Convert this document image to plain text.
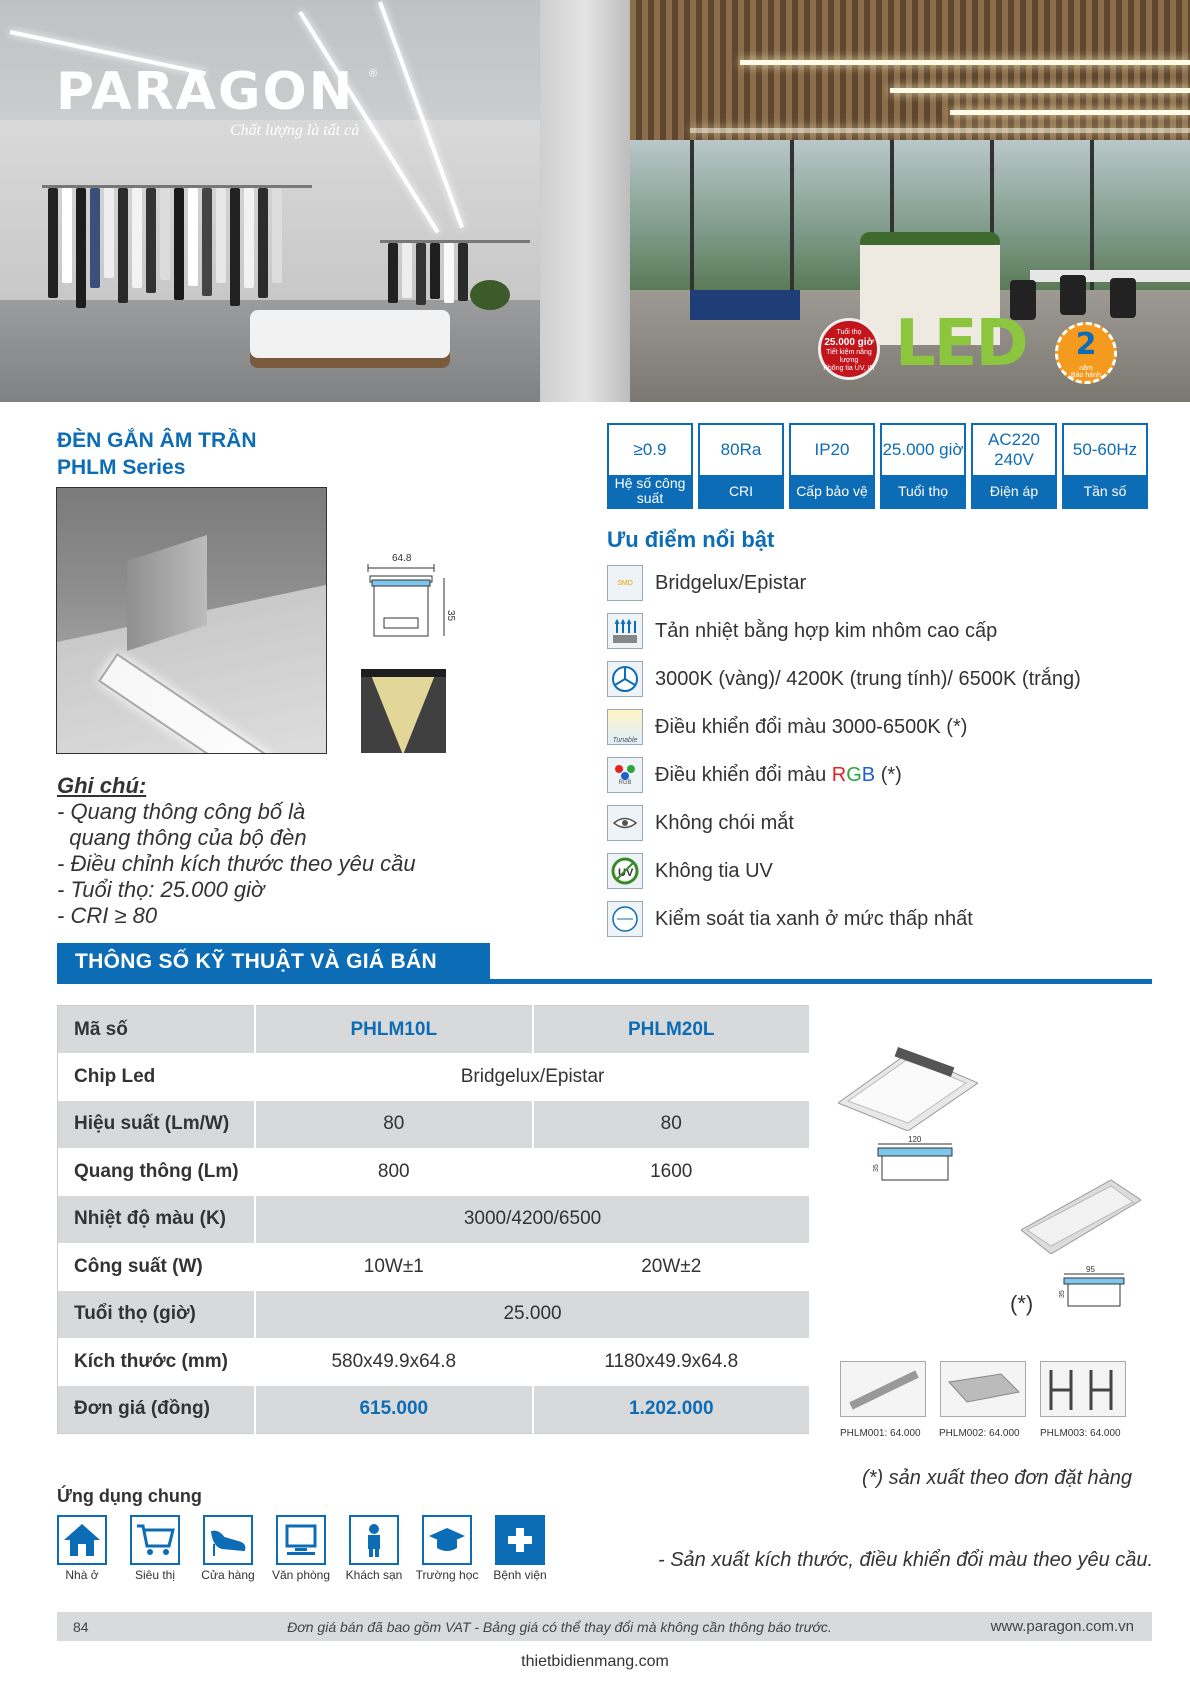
PARAGON	®
Chất lượng là tất cả
Tuổi thọ
25.000 giờ
Tiết kiệm năng lượng
Không tia UV, IR LED	2
năm
Bảo hành
ĐÈN GẮN ÂM TRẦN
PHLM Series
64.8
35
Ghi chú:
- Quang thông công bố là
quang thông của bộ đèn
- Điều chỉnh kích thước theo yêu cầu
- Tuổi thọ: 25.000 giờ
- CRI ≥ 80
≥0.9
Hệ số công suất
80Ra
CRI
IP20
Cấp bảo vệ
25.000 giờ
Tuổi thọ
AC220 240V
Điện áp
50-60Hz
Tần số
Ưu điểm nổi bật
SMD Bridgelux/Epistar
Tản nhiệt bằng hợp kim nhôm cao cấp
3000K (vàng)/ 4200K (trung tính)/ 6500K (trắng)
Tunable
Điều khiển đổi màu 3000-6500K (*)
RGB Điều khiển đổi màu RGB (*)
Không chói mắt
UV Không tia UV
Kiểm soát tia xanh ở mức thấp nhất
THÔNG SỐ KỸ THUẬT VÀ GIÁ BÁN
Mã số	PHLM10L	PHLM20L
Chip Led	Bridgelux/Epistar	
Hiệu suất (Lm/W)	80	80
Quang thông (Lm)	800	1600
Nhiệt độ màu (K)	3000/4200/6500	
Công suất (W)	10W±1	20W±2
Tuổi thọ (giờ)	25.000	
Kích thước (mm)	580x49.9x64.8	1180x49.9x64.8
Đơn giá (đồng)	615.000	1.202.000
120
35
95
35
(*)
PHLM001: 64.000 PHLM002: 64.000 PHLM003: 64.000
(*) sản xuất theo đơn đặt hàng
Ứng dụng chung
Nhà ở	Siêu thị	Cửa hàng	Văn phòng	Khách sạn	Trường học	Bệnh viện
- Sản xuất kích thước, điều khiển đổi màu theo yêu cầu.
84	Đơn giá bán đã bao gồm VAT - Bảng giá có thể thay đổi mà không cần thông báo trước.	www.paragon.com.vn
thietbidienmang.com
